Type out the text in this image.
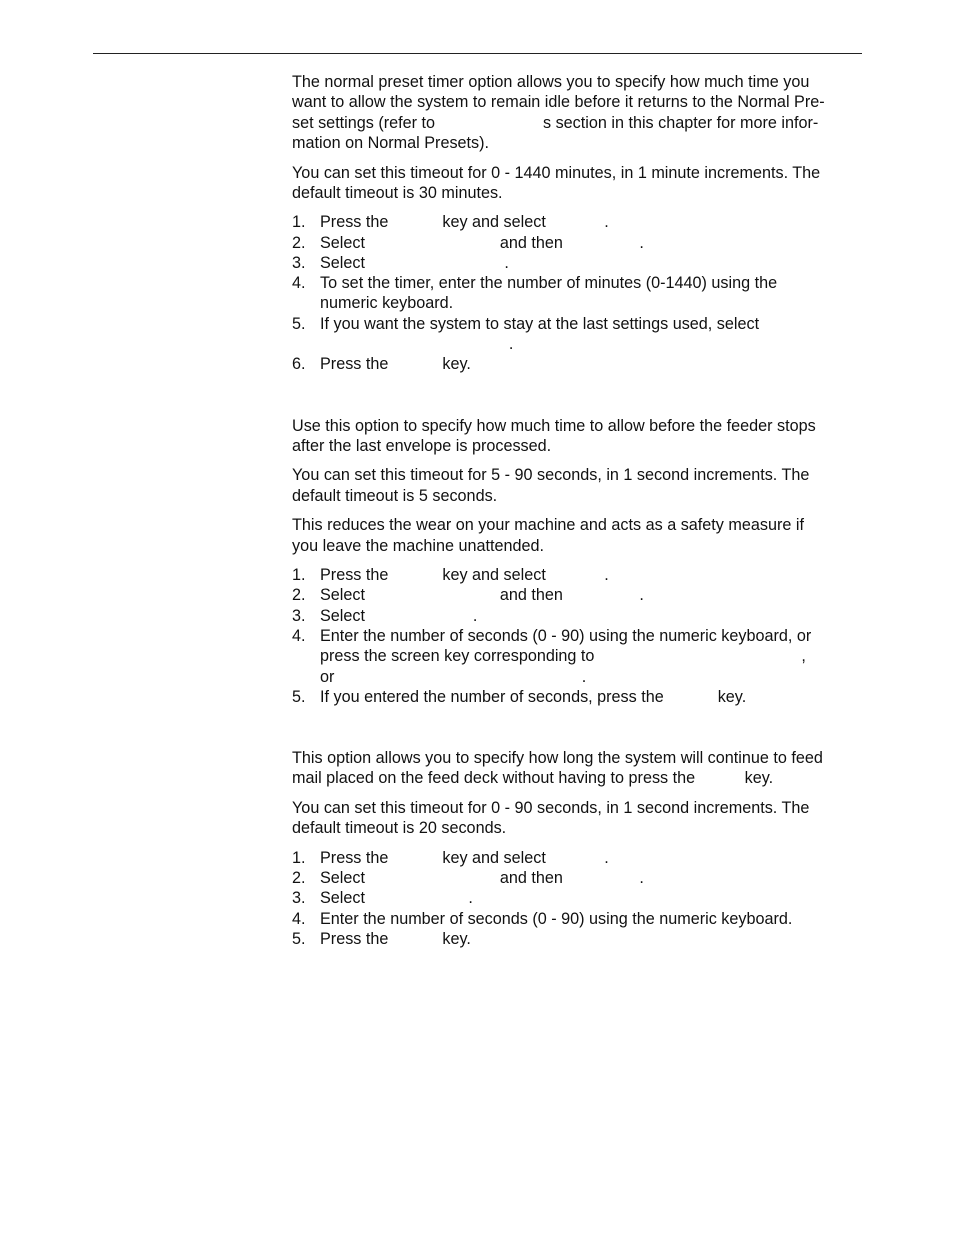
The normal preset timer option allows you to specify how much time you
want to allow the system to remain idle before it returns to the Normal Pre-
set settings (refer to                        s section in this chapter for more infor-
mation on Normal Presets).
You can set this timeout for 0 - 1440 minutes, in 1 minute increments. The
default timeout is 30 minutes.
1. Press the            key and select             .
2. Select                              and then                 .
3. Select                               .
4. To set the timer, enter the number of minutes (0-1440) using the
numeric keyboard.
5. If you want the system to stay at the last settings used, select
.
6. Press the            key.
Use this option to specify how much time to allow before the feeder stops
after the last envelope is processed.
You can set this timeout for 5 - 90 seconds, in 1 second increments. The
default timeout is 5 seconds.
This reduces the wear on your machine and acts as a safety measure if
you leave the machine unattended.
1. Press the            key and select             .
2. Select                              and then                 .
3. Select                        .
4. Enter the number of seconds (0 - 90) using the numeric keyboard, or
press the screen key corresponding to                                              ,
or                                                       .
5. If you entered the number of seconds, press the            key.
This option allows you to specify how long the system will continue to feed
mail placed on the feed deck without having to press the           key.
You can set this timeout for 0 - 90 seconds, in 1 second increments. The
default timeout is 20 seconds.
1. Press the            key and select             .
2. Select                              and then                 .
3. Select                       .
4. Enter the number of seconds (0 - 90) using the numeric keyboard.
5. Press the            key.
